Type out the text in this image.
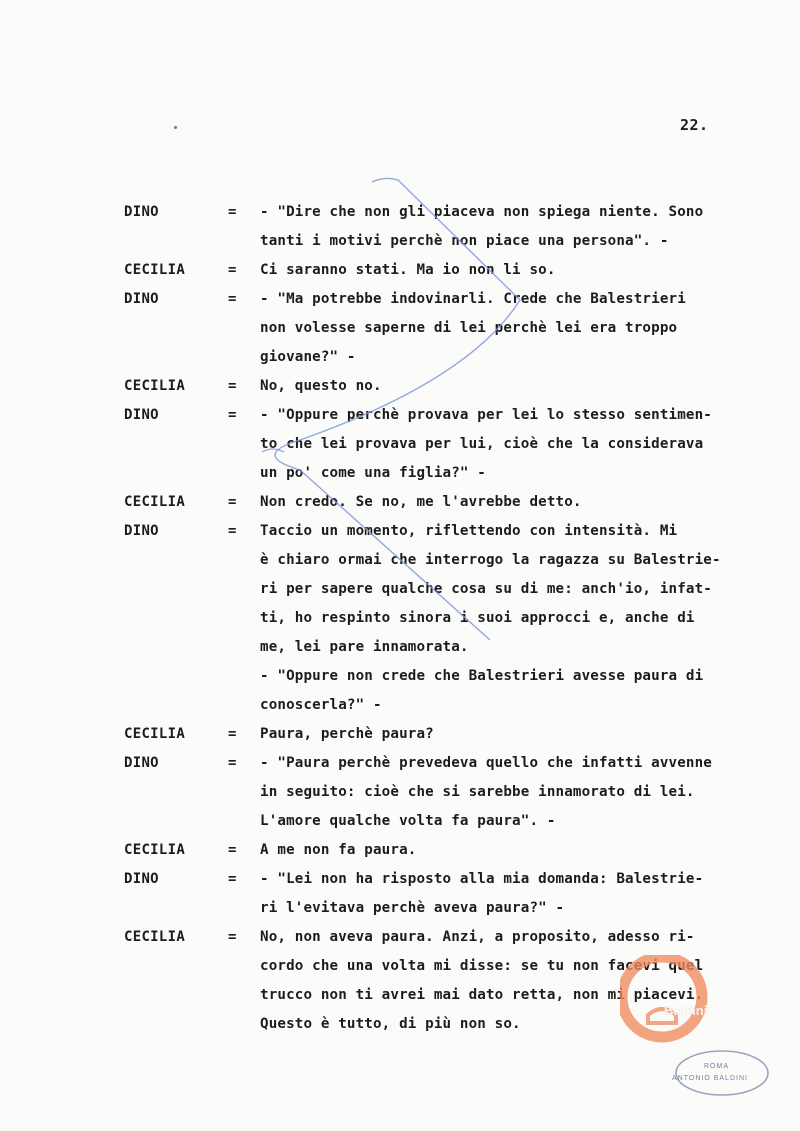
22.
DINO	=	- "Dire che non gli piaceva non spiega niente. Sono
tanti i motivi perchè non piace una persona". -
CECILIA	=	Ci saranno stati. Ma io non li so.
DINO	=	- "Ma potrebbe indovinarli. Crede che Balestrieri
non volesse saperne di lei perchè lei era troppo
giovane?" -
CECILIA	=	No, questo no.
DINO	=	- "Oppure perchè provava per lei lo stesso sentimen-
to che lei provava per lui, cioè che la considerava
un po' come una figlia?" -
CECILIA	=	Non credo. Se no, me l'avrebbe detto.
DINO	=	Taccio un momento, riflettendo con intensità. Mi
è chiaro ormai che interrogo la ragazza su Balestrie-
ri per sapere qualche cosa su di me: anch'io, infat-
ti, ho respinto sinora i suoi approcci e, anche di
me, lei pare innamorata.
- "Oppure non crede che Balestrieri avesse paura di
conoscerla?" -
CECILIA	=	Paura, perchè paura?
DINO	=	- "Paura perchè prevedeva quello che infatti avvenne
in seguito: cioè che si sarebbe innamorato di lei.
L'amore qualche volta fa paura". -
CECILIA	=	A me non fa paura.
DINO	=	- "Lei non ha risposto alla mia domanda: Balestrie-
ri l'evitava perchè aveva paura?" -
CECILIA	=	No, non aveva paura. Anzi, a proposito, adesso ri-
cordo che una volta mi disse: se tu non facevi quel
trucco non ti avrei mai dato retta, non mi piacevi.
Questo è tutto, di più non so.
Baldini
ROMA
ANTONIO BALDINI
